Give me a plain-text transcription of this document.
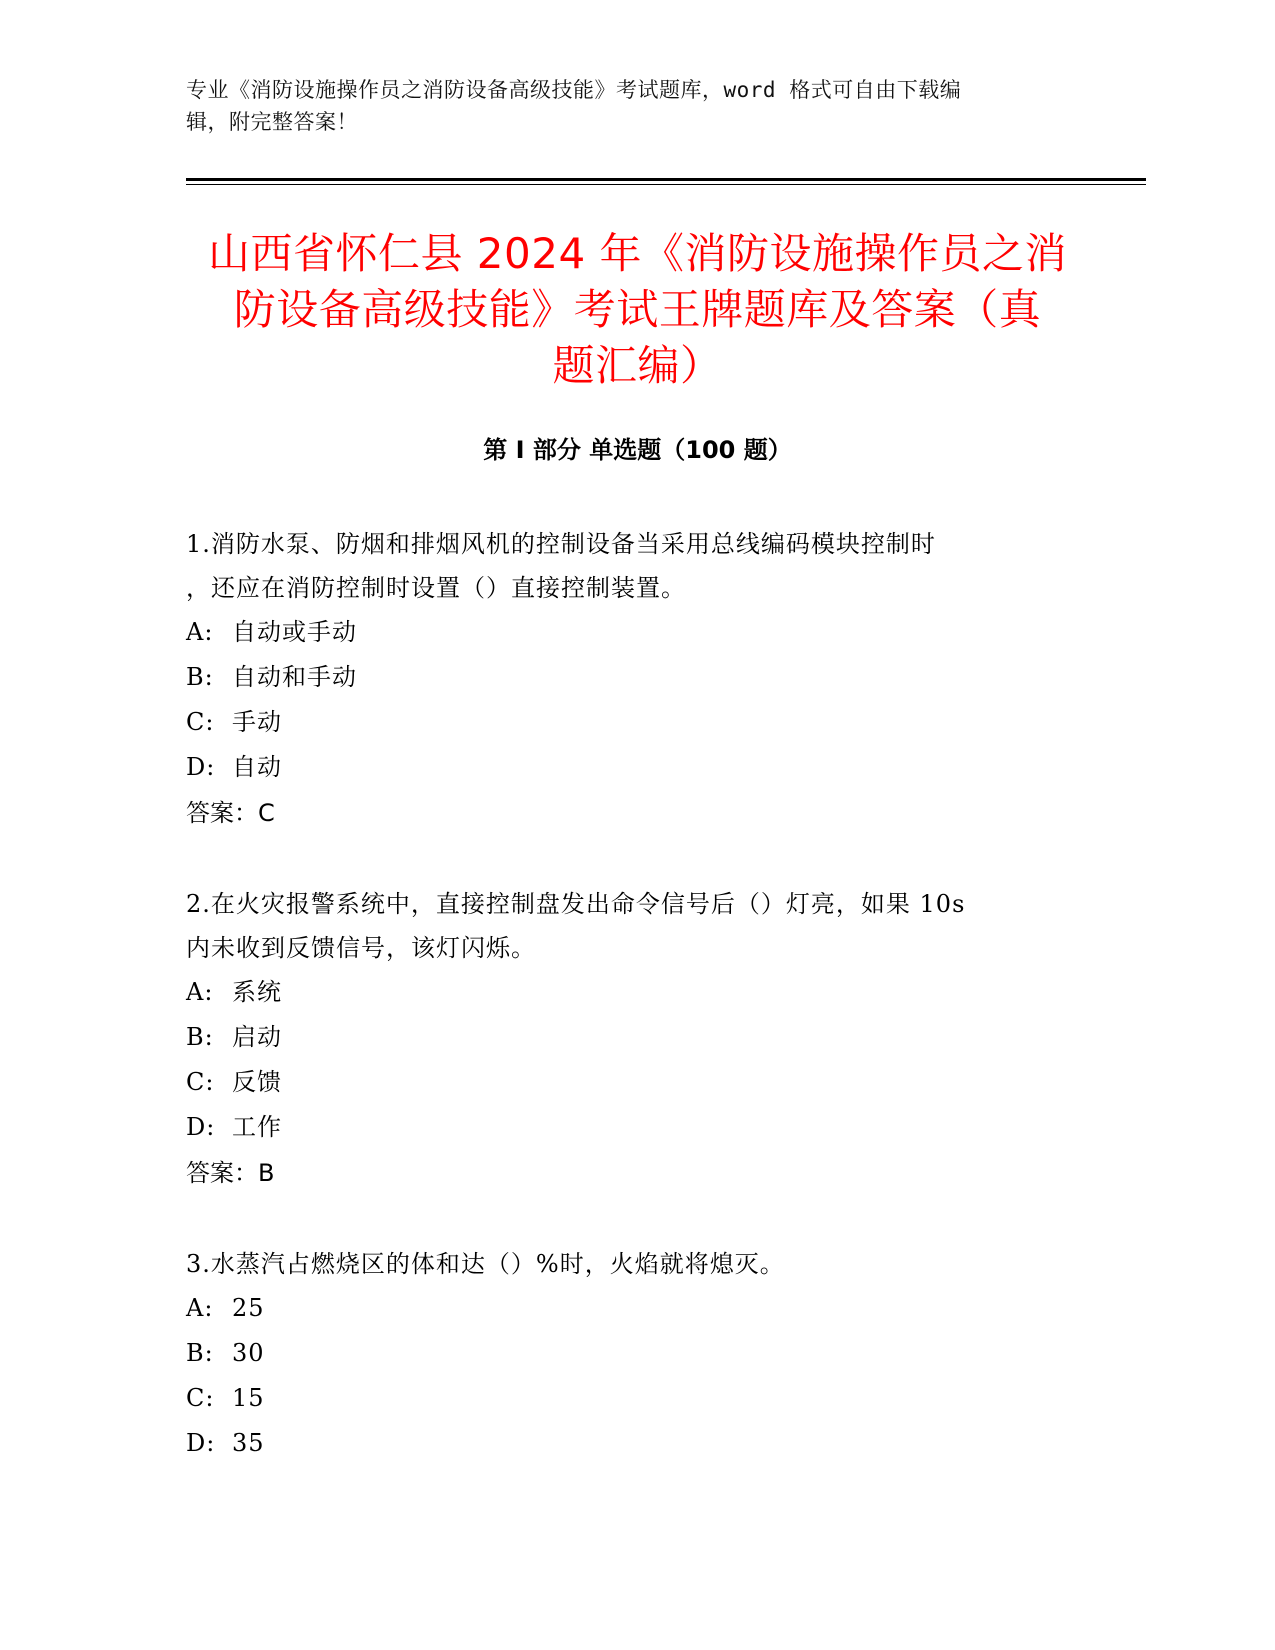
专业《消防设施操作员之消防设备高级技能》考试题库，word 格式可自由下载编
辑，附完整答案！
山西省怀仁县 2024 年《消防设施操作员之消
防设备高级技能》考试王牌题库及答案（真
题汇编）
第 I 部分 单选题（100 题）

1.消防水泵、防烟和排烟风机的控制设备当采用总线编码模块控制时

，还应在消防控制时设置（）直接控制装置。

A: 自动或手动

B: 自动和手动

C: 手动

D: 自动

答案：C

2.在火灾报警系统中，直接控制盘发出命令信号后（）灯亮，如果 10s

内未收到反馈信号，该灯闪烁。

A: 系统

B: 启动

C: 反馈

D: 工作

答案：B

3.水蒸汽占燃烧区的体和达（）%时，火焰就将熄灭。

A: 25

B: 30

C: 15

D: 35
